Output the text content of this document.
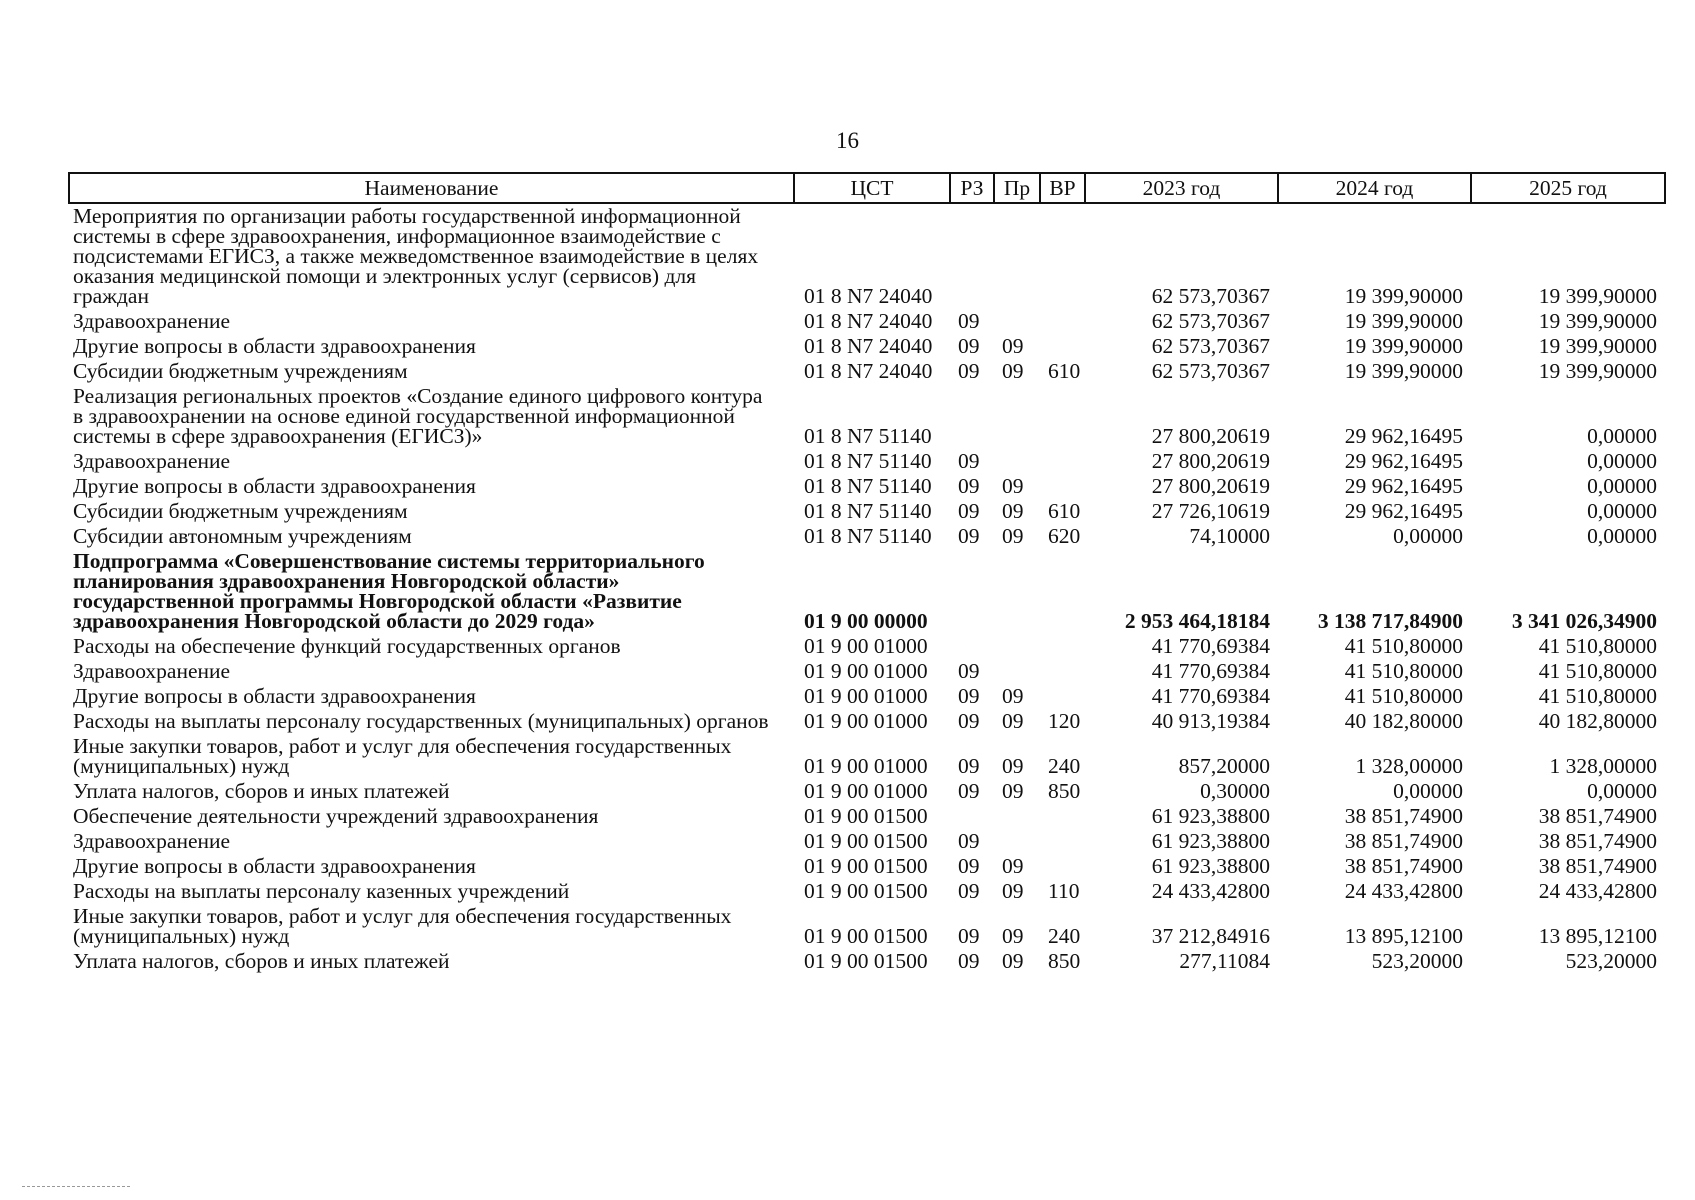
16
Наименование	ЦСТ	РЗ	Пр	ВР	2023 год	2024 год	2025 год
Мероприятия по организации работы государственной информационной системы в сфере здравоохранения, информационное взаимодействие с подсистемами ЕГИСЗ, а также межведомственное взаимодействие в целях оказания медицинской помощи и электронных услуг (сервисов) для граждан	01 8 N7 24040				62 573,70367	19 399,90000	19 399,90000
Здравоохранение	01 8 N7 24040	09			62 573,70367	19 399,90000	19 399,90000
Другие вопросы в области здравоохранения	01 8 N7 24040	09	09		62 573,70367	19 399,90000	19 399,90000
Субсидии бюджетным учреждениям	01 8 N7 24040	09	09	610	62 573,70367	19 399,90000	19 399,90000
Реализация региональных проектов «Создание единого цифрового контура в здравоохранении на основе единой государственной информационной системы в сфере здравоохранения (ЕГИСЗ)»	01 8 N7 51140				27 800,20619	29 962,16495	0,00000
Здравоохранение	01 8 N7 51140	09			27 800,20619	29 962,16495	0,00000
Другие вопросы в области здравоохранения	01 8 N7 51140	09	09		27 800,20619	29 962,16495	0,00000
Субсидии бюджетным учреждениям	01 8 N7 51140	09	09	610	27 726,10619	29 962,16495	0,00000
Субсидии автономным учреждениям	01 8 N7 51140	09	09	620	74,10000	0,00000	0,00000
Подпрограмма «Совершенствование системы территориального планирования здравоохранения Новгородской области» государственной программы Новгородской области «Развитие здравоохранения Новгородской области до 2029 года»	01 9 00 00000				2 953 464,18184	3 138 717,84900	3 341 026,34900
Расходы на обеспечение функций государственных органов	01 9 00 01000				41 770,69384	41 510,80000	41 510,80000
Здравоохранение	01 9 00 01000	09			41 770,69384	41 510,80000	41 510,80000
Другие вопросы в области здравоохранения	01 9 00 01000	09	09		41 770,69384	41 510,80000	41 510,80000
Расходы на выплаты персоналу государственных (муниципальных) органов	01 9 00 01000	09	09	120	40 913,19384	40 182,80000	40 182,80000
Иные закупки товаров, работ и услуг для обеспечения государственных (муниципальных) нужд	01 9 00 01000	09	09	240	857,20000	1 328,00000	1 328,00000
Уплата налогов, сборов и иных платежей	01 9 00 01000	09	09	850	0,30000	0,00000	0,00000
Обеспечение деятельности учреждений здравоохранения	01 9 00 01500				61 923,38800	38 851,74900	38 851,74900
Здравоохранение	01 9 00 01500	09			61 923,38800	38 851,74900	38 851,74900
Другие вопросы в области здравоохранения	01 9 00 01500	09	09		61 923,38800	38 851,74900	38 851,74900
Расходы на выплаты персоналу казенных учреждений	01 9 00 01500	09	09	110	24 433,42800	24 433,42800	24 433,42800
Иные закупки товаров, работ и услуг для обеспечения государственных (муниципальных) нужд	01 9 00 01500	09	09	240	37 212,84916	13 895,12100	13 895,12100
Уплата налогов, сборов и иных платежей	01 9 00 01500	09	09	850	277,11084	523,20000	523,20000
